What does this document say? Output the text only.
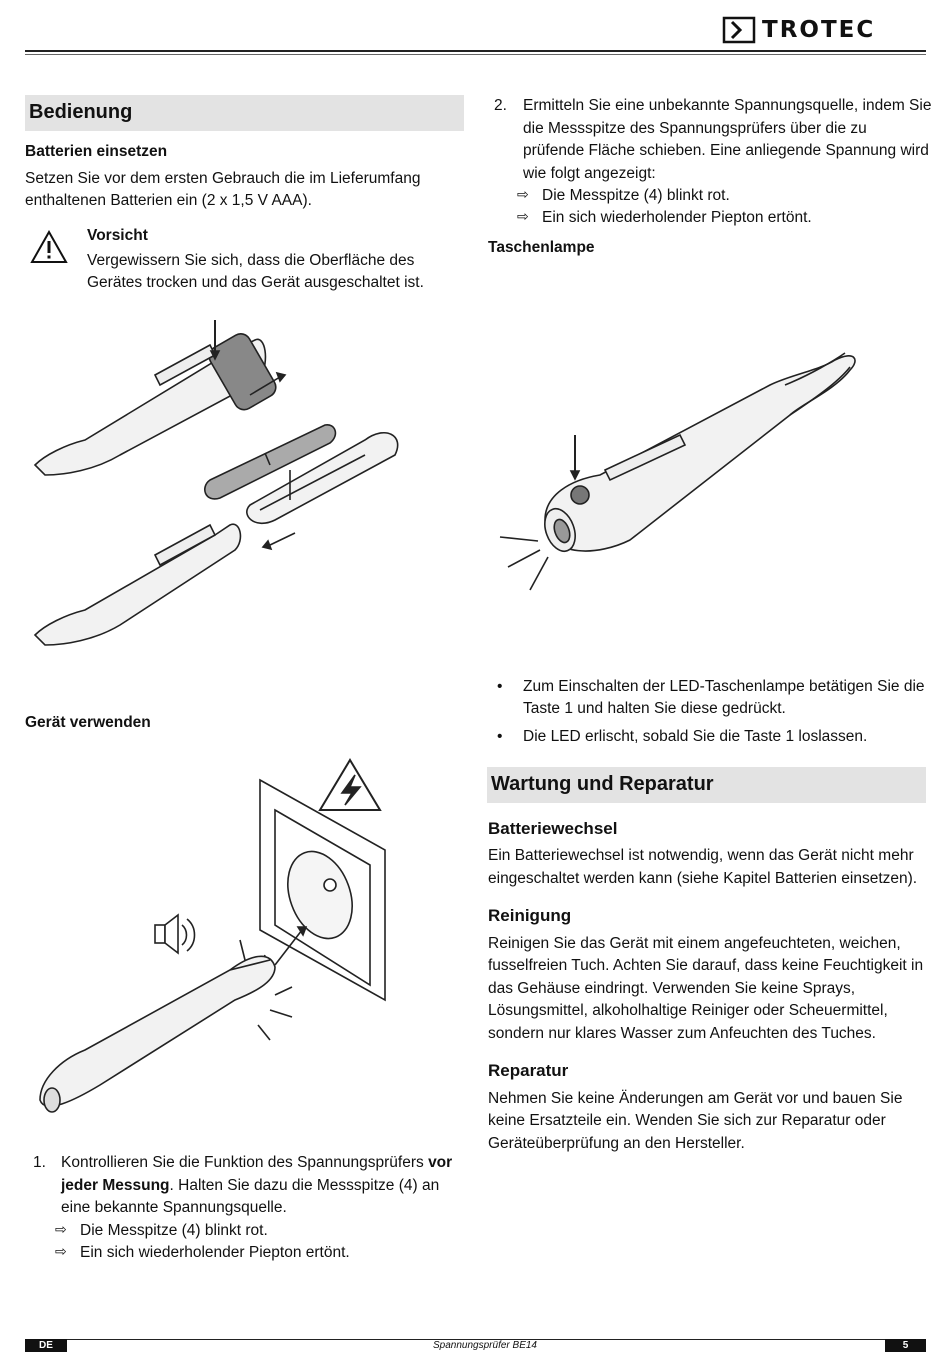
TROTEC
Bedienung
Batterien einsetzen
Setzen Sie vor dem ersten Gebrauch die im Lieferumfang
enthaltenen Batterien ein (2 x 1,5 V AAA).
Vorsicht
Vergewissern Sie sich, dass die Oberfläche des
Gerätes trocken und das Gerät ausgeschaltet ist.
Gerät verwenden
1. Kontrollieren Sie die Funktion des Spannungsprüfers vor
jeder Messung. Halten Sie dazu die Messspitze (4) an
eine bekannte Spannungsquelle.
⇨ Die Messpitze (4) blinkt rot.
⇨ Ein sich wiederholender Piepton ertönt.
2. Ermitteln Sie eine unbekannte Spannungsquelle, indem Sie
die Messspitze des Spannungsprüfers über die zu
prüfende Fläche schieben. Eine anliegende Spannung wird
wie folgt angezeigt:
⇨ Die Messpitze (4) blinkt rot.
⇨ Ein sich wiederholender Piepton ertönt.
Taschenlampe
• Zum Einschalten der LED-Taschenlampe betätigen Sie die
Taste 1 und halten Sie diese gedrückt.
• Die LED erlischt, sobald Sie die Taste 1 loslassen.
Wartung und Reparatur
Batteriewechsel
Ein Batteriewechsel ist notwendig, wenn das Gerät nicht mehr
eingeschaltet werden kann (siehe Kapitel Batterien einsetzen).
Reinigung
Reinigen Sie das Gerät mit einem angefeuchteten, weichen,
fusselfreien Tuch. Achten Sie darauf, dass keine Feuchtigkeit in
das Gehäuse eindringt. Verwenden Sie keine Sprays,
Lösungsmittel, alkoholhaltige Reiniger oder Scheuermittel,
sondern nur klares Wasser zum Anfeuchten des Tuches.
Reparatur
Nehmen Sie keine Änderungen am Gerät vor und bauen Sie
keine Ersatzteile ein. Wenden Sie sich zur Reparatur oder
Geräteüberprüfung an den Hersteller.
DE	Spannungsprüfer BE14	5
